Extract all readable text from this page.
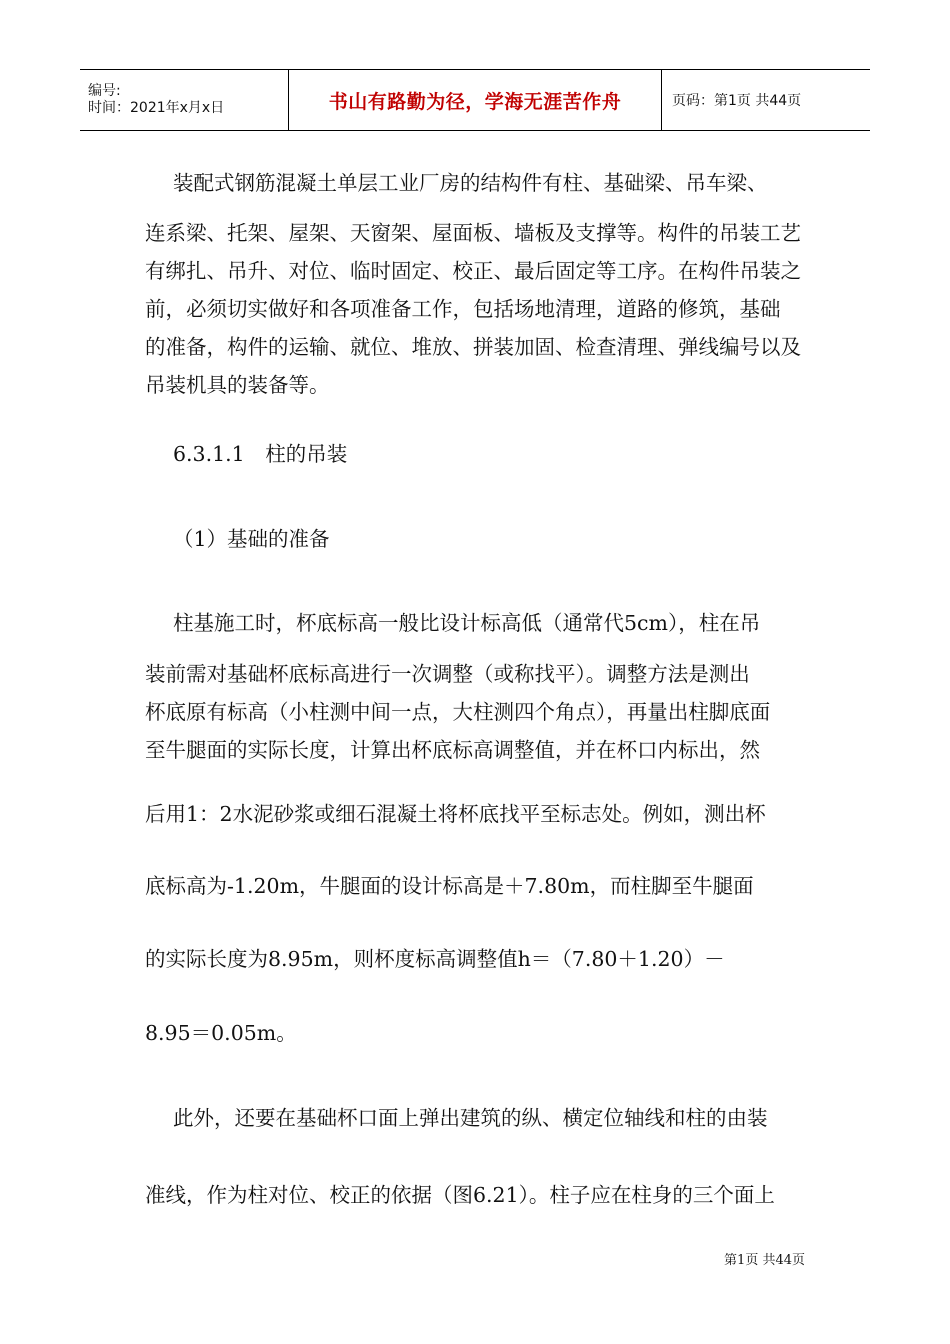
编号:
时间：2021年x月x日	书山有路勤为径，学海无涯苦作舟	页码：第1页 共44页
装配式钢筋混凝土单层工业厂房的结构件有柱、基础梁、吊车梁、
连系梁、托架、屋架、天窗架、屋面板、墙板及支撑等。构件的吊装工艺
有绑扎、吊升、对位、临时固定、校正、最后固定等工序。在构件吊装之
前，必须切实做好和各项准备工作，包括场地清理，道路的修筑，基础
的准备，构件的运输、就位、堆放、拼装加固、检查清理、弹线编号以及
吊装机具的装备等。
6.3.1.1　柱的吊装
（1）基础的准备
柱基施工时，杯底标高一般比设计标高低（通常代5cm），柱在吊
装前需对基础杯底标高进行一次调整（或称找平）。调整方法是测出
杯底原有标高（小柱测中间一点，大柱测四个角点），再量出柱脚底面
至牛腿面的实际长度，计算出杯底标高调整值，并在杯口内标出，然
后用1：2水泥砂浆或细石混凝土将杯底找平至标志处。例如，测出杯
底标高为-1.20m，牛腿面的设计标高是＋7.80m，而柱脚至牛腿面
的实际长度为8.95m，则杯度标高调整值h＝（7.80＋1.20）－
8.95＝0.05m。
此外，还要在基础杯口面上弹出建筑的纵、横定位轴线和柱的由装
准线，作为柱对位、校正的依据（图6.21）。柱子应在柱身的三个面上
第1页 共44页
